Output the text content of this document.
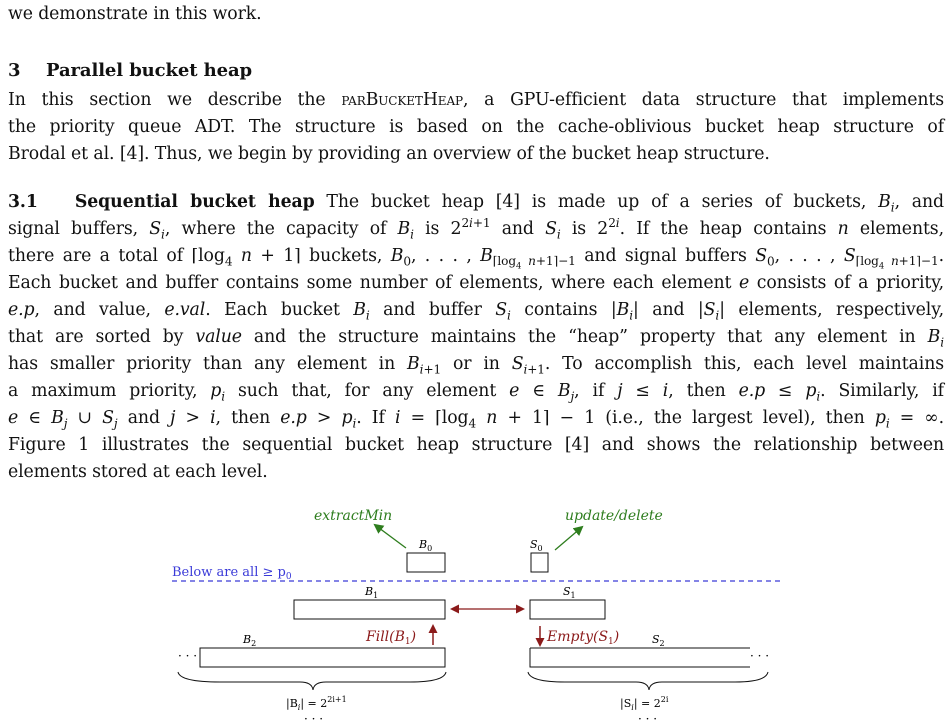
we demonstrate in this work.
3 Parallel bucket heap
In this section we describe the parBucketHeap, a GPU-efficient data structure that implements
the priority queue ADT. The structure is based on the cache-oblivious bucket heap structure of
Brodal et al. [4]. Thus, we begin by providing an overview of the bucket heap structure.
3.1 Sequential bucket heap The bucket heap [4] is made up of a series of buckets, $B_i$, and
signal buffers, $S_i$, where the capacity of $B_i$ is $2^{2i+1}$ and $S_i$ is $2^{2i}$. If the heap contains n elements,
there are a total of $⌈\log_4$ n + 1⌉ buckets, $B_0$, . . . , $B_{⌈log_4 n+1⌉-1}$ and signal buffers $S_0$, . . . , $S_{⌈log_4 n+1⌉-1}$.
Each bucket and buffer contains some number of elements, where each element e consists of a priority,
e.p, and value, e.val. Each bucket $B_i$ and buffer $S_i$ contains $|B_i|$ and $|S_i|$ elements, respectively,
that are sorted by value and the structure maintains the “heap” property that any element in $B_i$
has smaller priority than any element in $B_{i+1}$ or in $S_{i+1}$. To accomplish this, each level maintains
a maximum priority, $p_i$ such that, for any element e ∈ $B_j$, if j ≤ i, then $e.p \le p_i$. Similarly, if
e ∈ $B_j$ ∪ $S_j$ and j > i, then $e.p > p_i$. If $i = ⌈\log_4$ n + 1⌉ − 1 (i.e., the largest level), then $p_i$ = ∞.
Figure 1 illustrates the sequential bucket heap structure [4] and shows the relationship between
elements stored at each level.
extractMin	update/delete
$B_0$	$S_0$
Below are all ≥ $p_0$
$B_1$	$S_1$
$Fill(B_1)$	$Empty(S_1)$
$B_2$	$S_2$
· · ·	· · ·
$|B_i| = 2^{2i+1}$	$|S_i| = 2^{2i}$
· · ·	· · ·
